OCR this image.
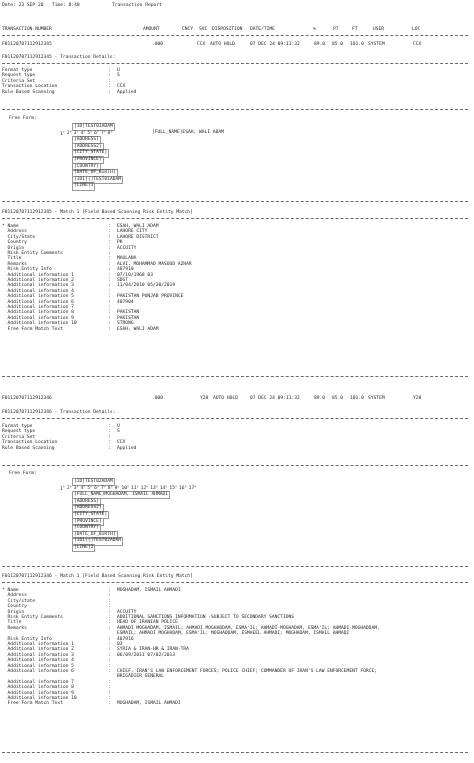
Date: 23 SEP 20 Time: 8:40	Transaction Report
TRANSACTION NUMBER	AMOUNT	CNCY SVC DISPOSITION DATE/TIME	%	PT	FT	USER	LOC
F01120707112912345	.000	CCX AUTO HOLD	07 DEC 24 09:11:32	89.0 85.0 101.0 SYSTEM	CCX
F01120707112912345 - Transaction Details:
Format type	: U
Request type	: S
Criteria Set	:
Transaction Location	: CCX
Rule Based Scanning	: Applied
Free Form:
[ID]TEST01ADAM
$1^º$ $2^º$ $3^º$ $4^º$ $5^º$ $6^º$ $7^º$ $8^º$	[FULL_NAME]ESAH, WALI ADAM
[ADDRESS]
[ADDRESS2]
[CITY_STATE]
[PROVINCE]
[COUNTRY]
[DATE_OF_BIRTH]
[ID1][]TEST01ADAM
[LINE]1
F01120707112912345 - Match 1 [Field Based Scanning Risk Entity Match]
* Name	: ESAH, WALI ADAM
Address	: LAHORE CITY
City/State	: LAHORE DISTRICT
Country	: PK
Origin	: ACCUITY
Risk Entity Comments	:
Title	: MAULANA
Remarks	: ALVI, MOHAMMAD MASOOD AZHAR
Risk Entity Info	: 407910
Additional information 1	: 07/10/1968 03
Additional information 2	: SDGT
Additional information 3	: 11/04/2010 05/30/2019
Additional information 4	:
Additional information 5	: PAKISTAN PUNJAB PROVINCE
Additional information 6	: 407904
Additional information 7	:
Additional information 8	: PAKISTAN
Additional information 9	: PAKISTAN
Additional information 10	: STRONG
Free Form Match Text	: ESAH, WALI ADAM
F01120707112912346	.000	Y28 AUTO HOLD	07 DEC 24 09:11:32	89.0 85.0 101.0 SYSTEM	Y28
F01120707112912346 - Transaction Details:
Format type	: U
Request type	: S
Criteria Set	:
Transaction Location	: CCX
Rule Based Scanning	: Applied
Free Form:
[ID]TEST02ADAM
$1^º$ $2^º$ $3^º$ $4^º$ $5^º$ $6^º$ $7^º$ $8^º$ $9^º$ $10^º$ $11^º$ $12^º$ $13^º$ $14^º$ $15^º$ $16^º$ $17^º$
[FULL_NAME]MOGHADAM, ISMAIL AHMADI
[ADDRESS]
[ADDRESS2]
[CITY_STATE]
[PROVINCE]
[COUNTRY]
[DATE_OF_BIRTH]
[ID1][]TEST02ADAM
[LINE]2
F01120707112912346 - Match 1 [Field Based Scanning Risk Entity Match]
* Name	: MOGHADAM, ISMAIL AHMADI
Address	:
City/state	:
Country	:
Origin	: ACCUITY
Risk Entity Comments	: ADDITIONAL SANCTIONS INFORMATION -SUBJECT TO SECONDARY SANCTIONS
Title	: HEAD OF IRANIAN POLICE
Remarks	: AHMADI MOGHADAM, ISMAIL; AHMADI MOGHADDAM, ESMA'IL; AHMADI-MOGHADAM, ESMA'IL; AHMADI-MOGHADDAM,
ESMAIL; AHMADI MOGHADAM, ESMA'IL; MOGHADDAM, ESMAEEL AHMADI; MOGHADAM, ISMAIL AHMADI
Risk Entity Info	: 407916
Additional information 1	: 03
Additional information 2	: SYRIA & IRAN-HR & IRAN-TRA
Additional information 3	: 06/09/2011 07/02/2013
Additional information 4	:
Additional information 5	:
Additional information 6	: CHIEF, IRAN'S LAW ENFORCEMENT FORCES; POLICE CHIEF; COMMANDER OF IRAN'S LAW ENFORCEMENT FORCE;
BRIGADIER GENERAL
Additional information 7	:
Additional information 8	:
Additional information 9	:
Additional information 10	:
Free Form Match Text	: MOGHADAM, ISMAIL AHMADI
